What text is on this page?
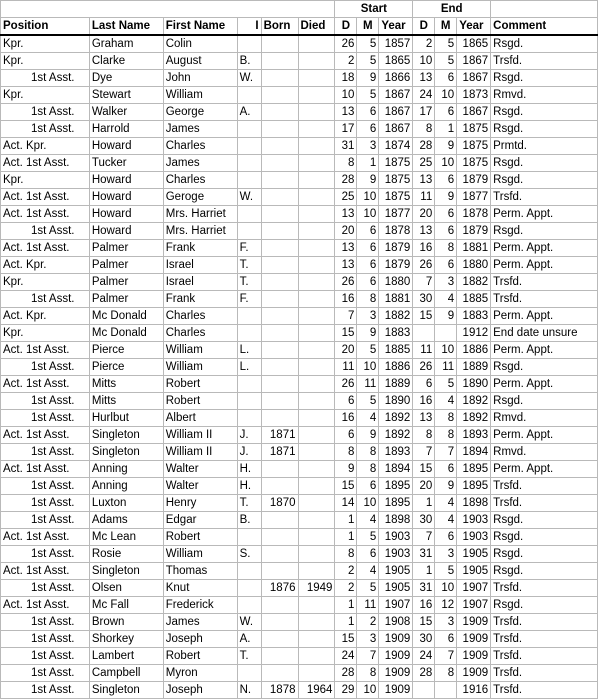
						Start			End			
Position	Last Name	First Name	I	Born	Died	D	M	Year	D	M	Year	Comment
Kpr.	Graham	Colin				26	5	1857	2	5	1865	Rsgd.
Kpr.	Clarke	August	B.			2	5	1865	10	5	1867	Trsfd.
1st Asst.	Dye	John	W.			18	9	1866	13	6	1867	Rsgd.
Kpr.	Stewart	William				10	5	1867	24	10	1873	Rmvd.
1st Asst.	Walker	George	A.			13	6	1867	17	6	1867	Rsgd.
1st Asst.	Harrold	James				17	6	1867	8	1	1875	Rsgd.
Act. Kpr.	Howard	Charles				31	3	1874	28	9	1875	Prmtd.
Act. 1st Asst.	Tucker	James				8	1	1875	25	10	1875	Rsgd.
Kpr.	Howard	Charles				28	9	1875	13	6	1879	Rsgd.
Act. 1st Asst.	Howard	Geroge	W.			25	10	1875	11	9	1877	Trsfd.
Act. 1st Asst.	Howard	Mrs. Harriet				13	10	1877	20	6	1878	Perm. Appt.
1st Asst.	Howard	Mrs. Harriet				20	6	1878	13	6	1879	Rsgd.
Act. 1st Asst.	Palmer	Frank	F.			13	6	1879	16	8	1881	Perm. Appt.
Act. Kpr.	Palmer	Israel	T.			13	6	1879	26	6	1880	Perm. Appt.
Kpr.	Palmer	Israel	T.			26	6	1880	7	3	1882	Trsfd.
1st Asst.	Palmer	Frank	F.			16	8	1881	30	4	1885	Trsfd.
Act. Kpr.	Mc Donald	Charles				7	3	1882	15	9	1883	Perm. Appt.
Kpr.	Mc Donald	Charles				15	9	1883			1912	End date unsure
Act. 1st Asst.	Pierce	William	L.			20	5	1885	11	10	1886	Perm. Appt.
1st Asst.	Pierce	William	L.			11	10	1886	26	11	1889	Rsgd.
Act. 1st Asst.	Mitts	Robert				26	11	1889	6	5	1890	Perm. Appt.
1st Asst.	Mitts	Robert				6	5	1890	16	4	1892	Rsgd.
1st Asst.	Hurlbut	Albert				16	4	1892	13	8	1892	Rmvd.
Act. 1st Asst.	Singleton	William II	J.	1871		6	9	1892	8	8	1893	Perm. Appt.
1st Asst.	Singleton	William II	J.	1871		8	8	1893	7	7	1894	Rmvd.
Act. 1st Asst.	Anning	Walter	H.			9	8	1894	15	6	1895	Perm. Appt.
1st Asst.	Anning	Walter	H.			15	6	1895	20	9	1895	Trsfd.
1st Asst.	Luxton	Henry	T.	1870		14	10	1895	1	4	1898	Trsfd.
1st Asst.	Adams	Edgar	B.			1	4	1898	30	4	1903	Rsgd.
Act. 1st Asst.	Mc Lean	Robert				1	5	1903	7	6	1903	Rsgd.
1st Asst.	Rosie	William	S.			8	6	1903	31	3	1905	Rsgd.
Act. 1st Asst.	Singleton	Thomas				2	4	1905	1	5	1905	Rsgd.
1st Asst.	Olsen	Knut		1876	1949	2	5	1905	31	10	1907	Trsfd.
Act. 1st Asst.	Mc Fall	Frederick				1	11	1907	16	12	1907	Rsgd.
1st Asst.	Brown	James	W.			1	2	1908	15	3	1909	Trsfd.
1st Asst.	Shorkey	Joseph	A.			15	3	1909	30	6	1909	Trsfd.
1st Asst.	Lambert	Robert	T.			24	7	1909	24	7	1909	Trsfd.
1st Asst.	Campbell	Myron				28	8	1909	28	8	1909	Trsfd.
1st Asst.	Singleton	Joseph	N.	1878	1964	29	10	1909			1916	Trsfd.
